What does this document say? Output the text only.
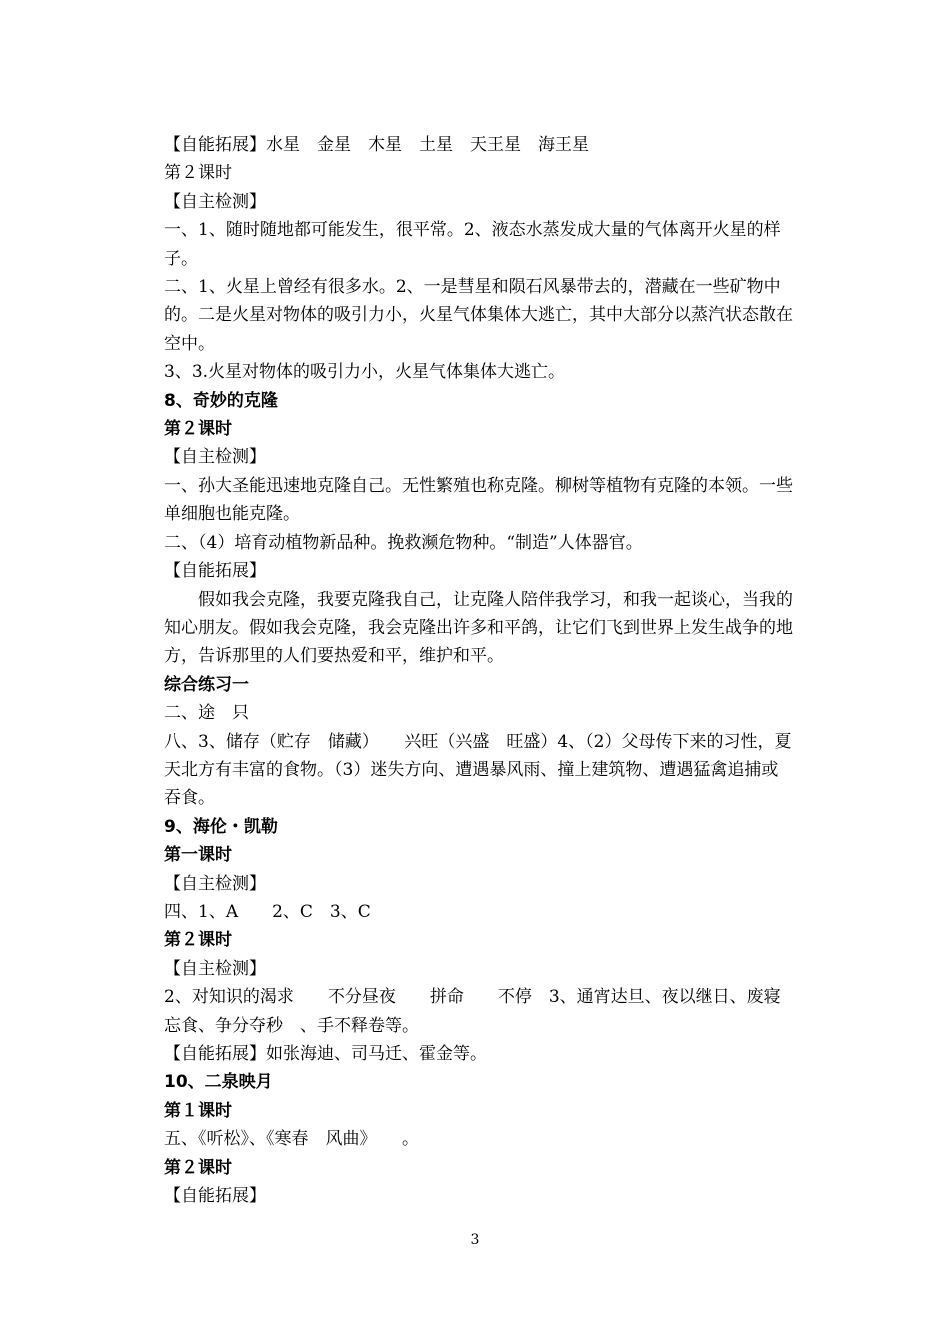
【自能拓展】水星　金星　木星　土星　天王星　海王星
第２课时
【自主检测】
一、1、随时随地都可能发生，很平常。2、液态水蒸发成大量的气体离开火星的样子。
二、1、火星上曾经有很多水。2、一是彗星和陨石风暴带去的，潜藏在一些矿物中的。二是火星对物体的吸引力小，火星气体集体大逃亡，其中大部分以蒸汽状态散在空中。
3、3.火星对物体的吸引力小，火星气体集体大逃亡。
8、奇妙的克隆
第２课时
【自主检测】
一、孙大圣能迅速地克隆自己。无性繁殖也称克隆。柳树等植物有克隆的本领。一些单细胞也能克隆。
二、（4）培育动植物新品种。挽救濒危物种。“制造”人体器官。
【自能拓展】
假如我会克隆，我要克隆我自己，让克隆人陪伴我学习，和我一起谈心，当我的知心朋友。假如我会克隆，我会克隆出许多和平鸽，让它们飞到世界上发生战争的地方，告诉那里的人们要热爱和平，维护和平。
综合练习一
二、途　只
八、3、储存（贮存　储藏）　　兴旺（兴盛　旺盛）4、（2）父母传下来的习性，夏天北方有丰富的食物。（3）迷失方向、遭遇暴风雨、撞上建筑物、遭遇猛禽追捕或吞食。
9、海伦・凯勒
第一课时
【自主检测】
四、1、A　　2、C　3、C
第２课时
【自主检测】
2、对知识的渴求　　不分昼夜　　拼命　　不停　3、通宵达旦、夜以继日、废寝忘食、争分夺秒　、手不释卷等。
【自能拓展】如张海迪、司马迁、霍金等。
10、二泉映月
第１课时
五、《听松》、《寒春　风曲》　　。
第２课时
【自能拓展】
3
